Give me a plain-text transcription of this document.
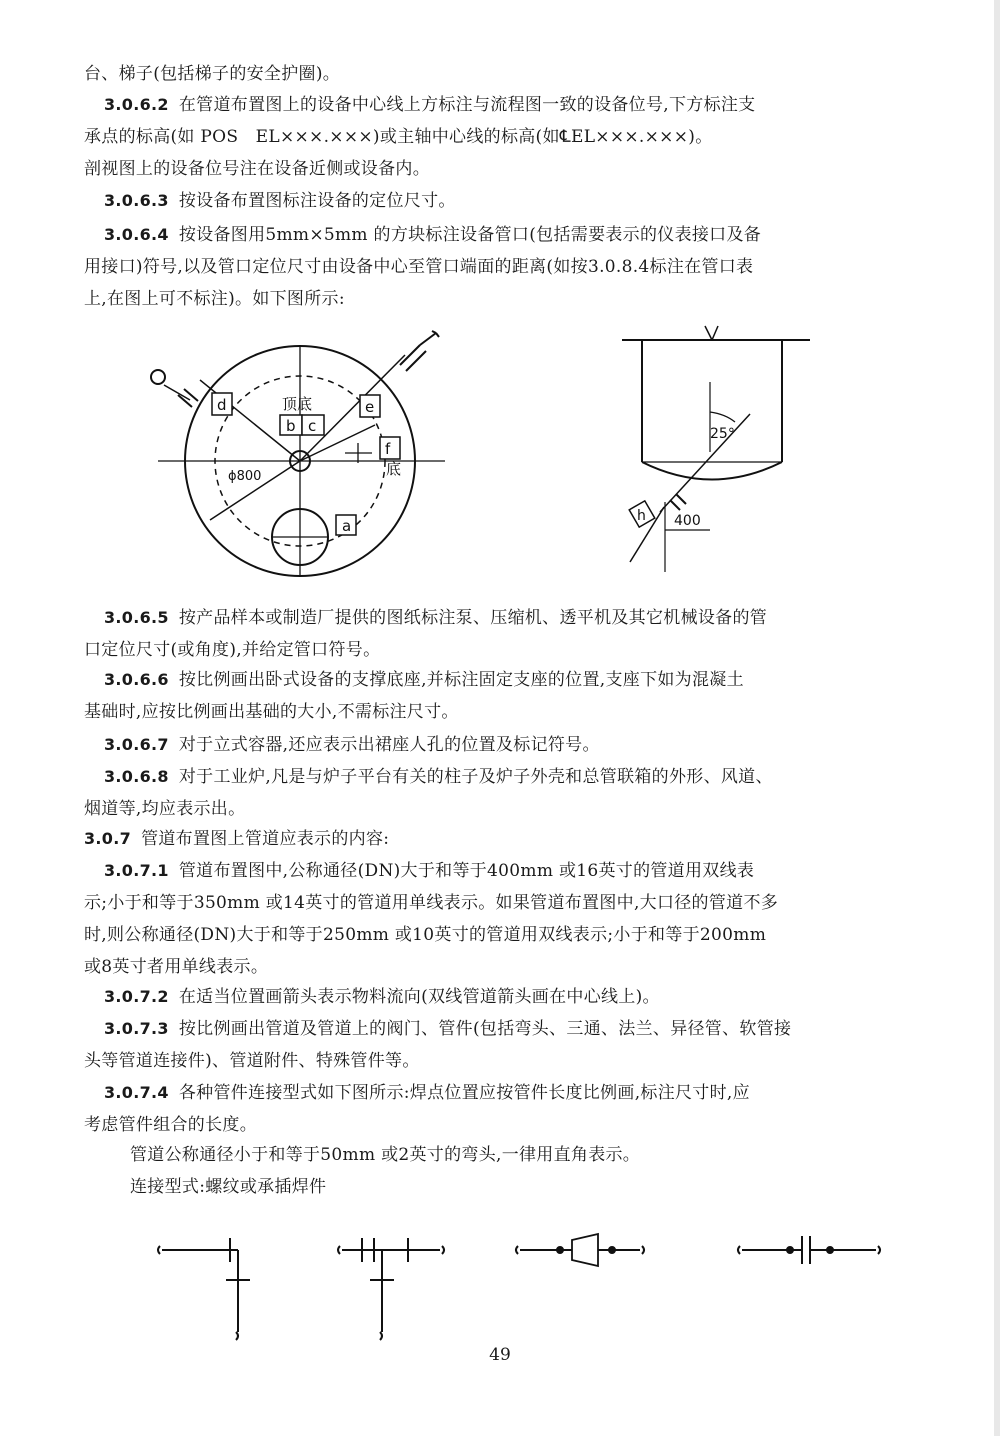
台、梯子(包括梯子的安全护圈)。
3.0.6.2 在管道布置图上的设备中心线上方标注与流程图一致的设备位号,下方标注支
承点的标高(如 POS　EL×××.×××)或主轴中心线的标高(如℄EL×××.×××)。
剖视图上的设备位号注在设备近侧或设备内。
3.0.6.3 按设备布置图标注设备的定位尺寸。
3.0.6.4 按设备图用5mm×5mm 的方块标注设备管口(包括需要表示的仪表接口及备
用接口)符号,以及管口定位尺寸由设备中心至管口端面的距离(如按3.0.8.4标注在管口表
上,在图上可不标注)。如下图所示:
d
b c
e
f
a
顶底
底
ϕ800
h
25°
400
3.0.6.5 按产品样本或制造厂提供的图纸标注泵、压缩机、透平机及其它机械设备的管
口定位尺寸(或角度),并给定管口符号。
3.0.6.6 按比例画出卧式设备的支撑底座,并标注固定支座的位置,支座下如为混凝土
基础时,应按比例画出基础的大小,不需标注尺寸。
3.0.6.7 对于立式容器,还应表示出裙座人孔的位置及标记符号。
3.0.6.8 对于工业炉,凡是与炉子平台有关的柱子及炉子外壳和总管联箱的外形、风道、
烟道等,均应表示出。
3.0.7 管道布置图上管道应表示的内容:
3.0.7.1 管道布置图中,公称通径(DN)大于和等于400mm 或16英寸的管道用双线表
示;小于和等于350mm 或14英寸的管道用单线表示。如果管道布置图中,大口径的管道不多
时,则公称通径(DN)大于和等于250mm 或10英寸的管道用双线表示;小于和等于200mm
或8英寸者用单线表示。
3.0.7.2 在适当位置画箭头表示物料流向(双线管道箭头画在中心线上)。
3.0.7.3 按比例画出管道及管道上的阀门、管件(包括弯头、三通、法兰、异径管、软管接
头等管道连接件)、管道附件、特殊管件等。
3.0.7.4 各种管件连接型式如下图所示:焊点位置应按管件长度比例画,标注尺寸时,应
考虑管件组合的长度。
管道公称通径小于和等于50mm 或2英寸的弯头,一律用直角表示。
连接型式:螺纹或承插焊件
49
